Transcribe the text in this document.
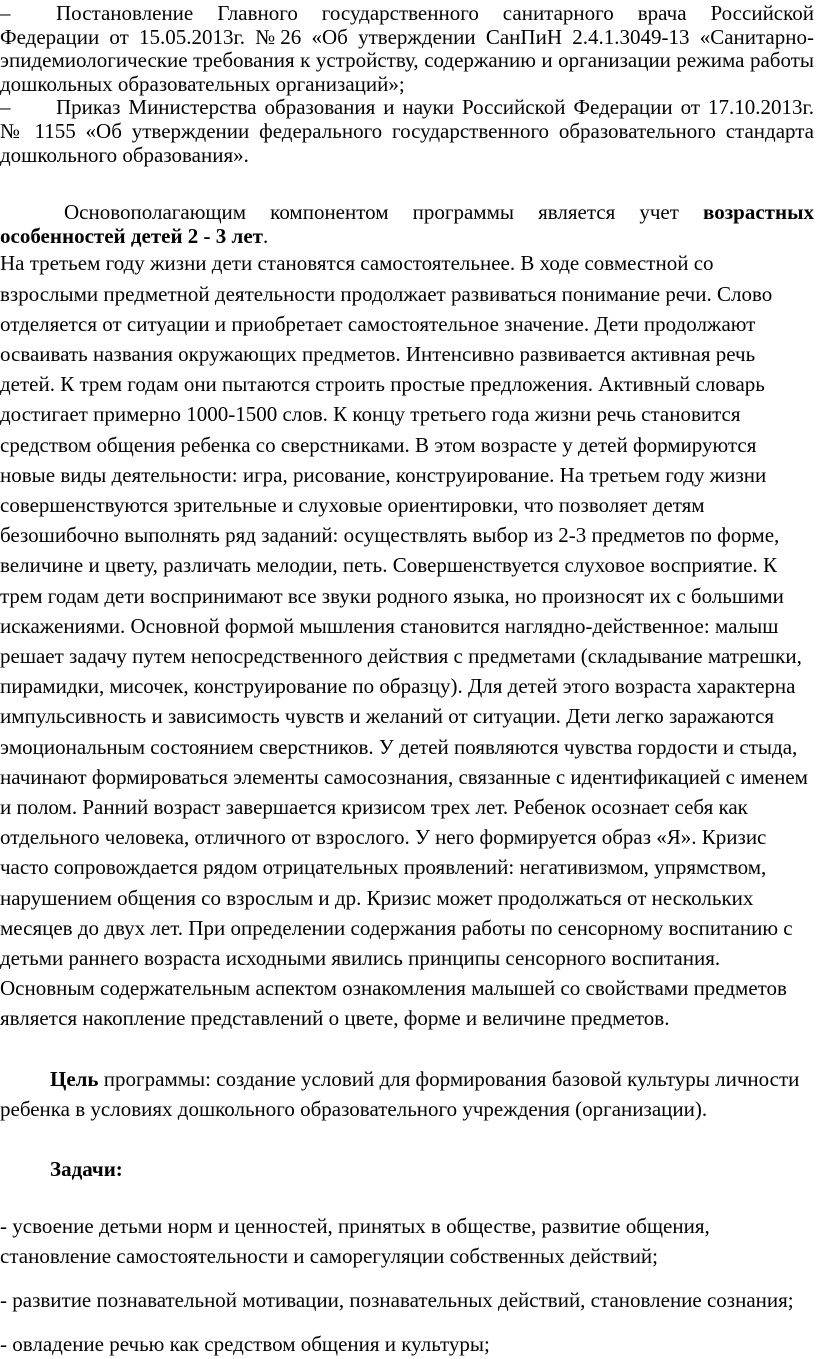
– Постановление Главного государственного санитарного врача Российской Федерации от 15.05.2013г. №26 «Об утверждении СанПиН 2.4.1.3049-13 «Санитарно-эпидемиологические требования к устройству, содержанию и организации режима работы дошкольных образовательных организаций»;

– Приказ Министерства образования и науки Российской Федерации от 17.10.2013г. № 1155 «Об утверждении федерального государственного образовательного стандарта дошкольного образования».

Основополагающим компонентом программы является учет возрастных особенностей детей 2 - 3 лет.

На третьем году жизни дети становятся самостоятельнее. В ходе совместной со взрослыми предметной деятельности продолжает развиваться понимание речи. Слово отделяется от ситуации и приобретает самостоятельное значение. Дети продолжают осваивать названия окружающих предметов. Интенсивно развивается активная речь детей. К трем годам они пытаются строить простые предложения. Активный словарь достигает примерно 1000-1500 слов. К концу третьего года жизни речь становится средством общения ребенка со сверстниками. В этом возрасте у детей формируются новые виды деятельности: игра, рисование, конструирование. На третьем году жизни совершенствуются зрительные и слуховые ориентировки, что позволяет детям безошибочно выполнять ряд заданий: осуществлять выбор из 2-3 предметов по форме, величине и цвету, различать мелодии, петь. Совершенствуется слуховое восприятие. К трем годам дети воспринимают все звуки родного языка, но произносят их с большими искажениями. Основной формой мышления становится наглядно-действенное: малыш решает задачу путем непосредственного действия с предметами (складывание матрешки, пирамидки, мисочек, конструирование по образцу). Для детей этого возраста характерна импульсивность и зависимость чувств и желаний от ситуации. Дети легко заражаются эмоциональным состоянием сверстников. У детей появляются чувства гордости и стыда, начинают формироваться элементы самосознания, связанные с идентификацией с именем и полом. Ранний возраст завершается кризисом трех лет. Ребенок осознает себя как отдельного человека, отличного от взрослого. У него формируется образ «Я». Кризис часто сопровождается рядом отрицательных проявлений: негативизмом, упрямством, нарушением общения со взрослым и др. Кризис может продолжаться от нескольких месяцев до двух лет. При определении содержания работы по сенсорному воспитанию с детьми раннего возраста исходными явились принципы сенсорного воспитания. Основным содержательным аспектом ознакомления малышей со свойствами предметов является накопление представлений о цвете, форме и величине предметов.

Цель программы: создание условий для формирования базовой культуры личности ребенка в условиях дошкольного образовательного учреждения (организации).

Задачи:

- усвоение детьми норм и ценностей, принятых в обществе, развитие общения, становление самостоятельности и саморегуляции собственных действий;

- развитие познавательной мотивации, познавательных действий, становление сознания;

- овладение речью как средством общения и культуры;
